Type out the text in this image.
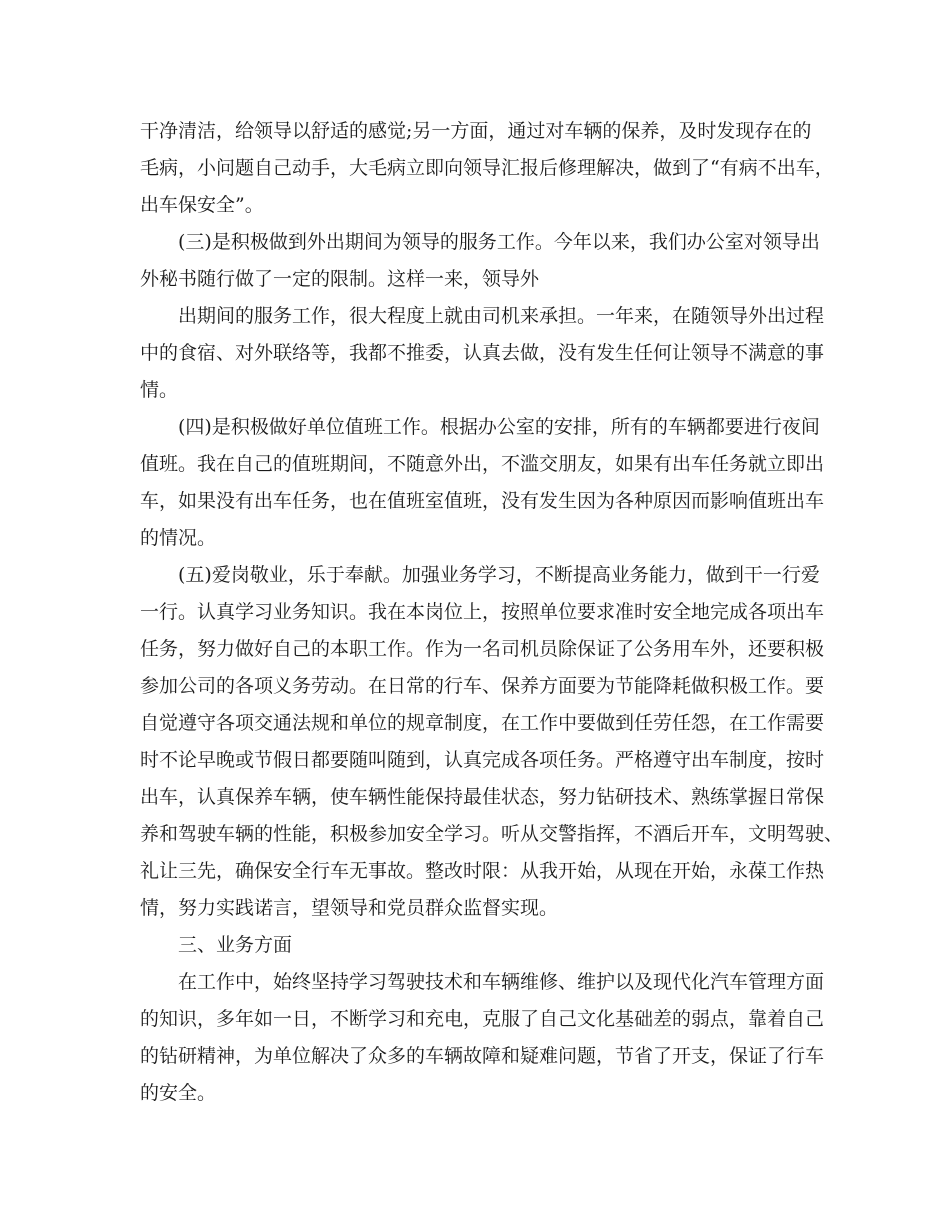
干净清洁，给领导以舒适的感觉;另一方面，通过对车辆的保养，及时发现存在的
毛病，小问题自己动手，大毛病立即向领导汇报后修理解决，做到了“有病不出车，
出车保安全”。
(三)是积极做到外出期间为领导的服务工作。今年以来，我们办公室对领导出
外秘书随行做了一定的限制。这样一来，领导外
出期间的服务工作，很大程度上就由司机来承担。一年来，在随领导外出过程
中的食宿、对外联络等，我都不推委，认真去做，没有发生任何让领导不满意的事
情。
(四)是积极做好单位值班工作。根据办公室的安排，所有的车辆都要进行夜间
值班。我在自己的值班期间，不随意外出，不滥交朋友，如果有出车任务就立即出
车，如果没有出车任务，也在值班室值班，没有发生因为各种原因而影响值班出车
的情况。
(五)爱岗敬业，乐于奉献。加强业务学习，不断提高业务能力，做到干一行爱
一行。认真学习业务知识。我在本岗位上，按照单位要求准时安全地完成各项出车
任务，努力做好自己的本职工作。作为一名司机员除保证了公务用车外，还要积极
参加公司的各项义务劳动。在日常的行车、保养方面要为节能降耗做积极工作。要
自觉遵守各项交通法规和单位的规章制度，在工作中要做到任劳任怨，在工作需要
时不论早晚或节假日都要随叫随到，认真完成各项任务。严格遵守出车制度，按时
出车，认真保养车辆，使车辆性能保持最佳状态，努力钻研技术、熟练掌握日常保
养和驾驶车辆的性能，积极参加安全学习。听从交警指挥，不酒后开车，文明驾驶、
礼让三先，确保安全行车无事故。整改时限：从我开始，从现在开始，永葆工作热
情，努力实践诺言，望领导和党员群众监督实现。
三、业务方面
在工作中，始终坚持学习驾驶技术和车辆维修、维护以及现代化汽车管理方面
的知识，多年如一日，不断学习和充电，克服了自己文化基础差的弱点，靠着自己
的钻研精神，为单位解决了众多的车辆故障和疑难问题，节省了开支，保证了行车
的安全。
